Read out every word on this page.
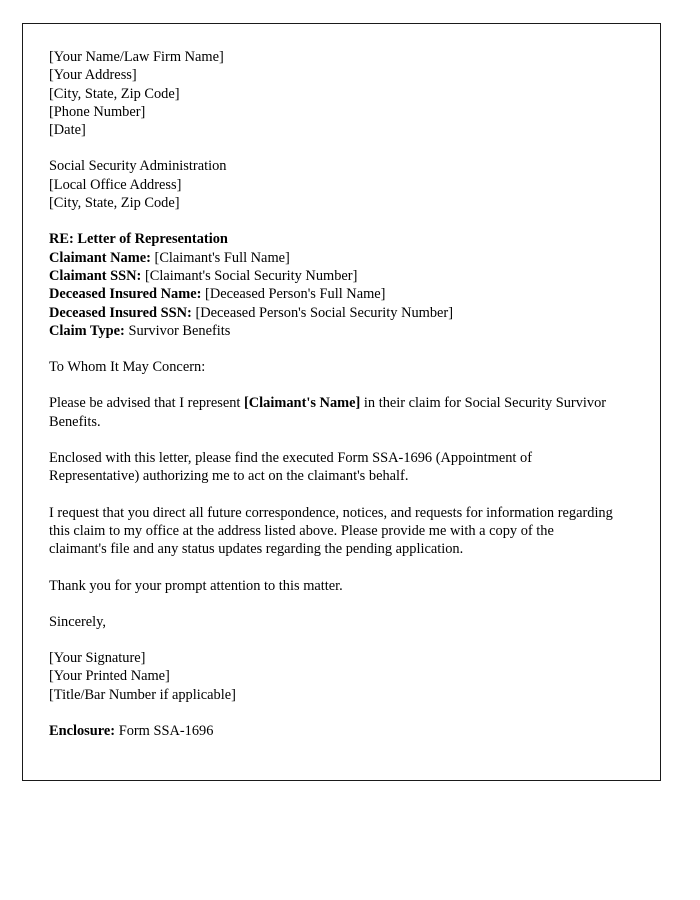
[Your Name/Law Firm Name]
[Your Address]
[City, State, Zip Code]
[Phone Number]
[Date]
Social Security Administration
[Local Office Address]
[City, State, Zip Code]
RE: Letter of Representation
Claimant Name: [Claimant's Full Name]
Claimant SSN: [Claimant's Social Security Number]
Deceased Insured Name: [Deceased Person's Full Name]
Deceased Insured SSN: [Deceased Person's Social Security Number]
Claim Type: Survivor Benefits

To Whom It May Concern:

Please be advised that I represent [Claimant's Name] in their claim for Social Security Survivor Benefits.

Enclosed with this letter, please find the executed Form SSA-1696 (Appointment of Representative) authorizing me to act on the claimant's behalf.

I request that you direct all future correspondence, notices, and requests for information regarding this claim to my office at the address listed above. Please provide me with a copy of the claimant's file and any status updates regarding the pending application.

Thank you for your prompt attention to this matter.

Sincerely,

[Your Signature]
[Your Printed Name]
[Title/Bar Number if applicable]

Enclosure: Form SSA-1696
